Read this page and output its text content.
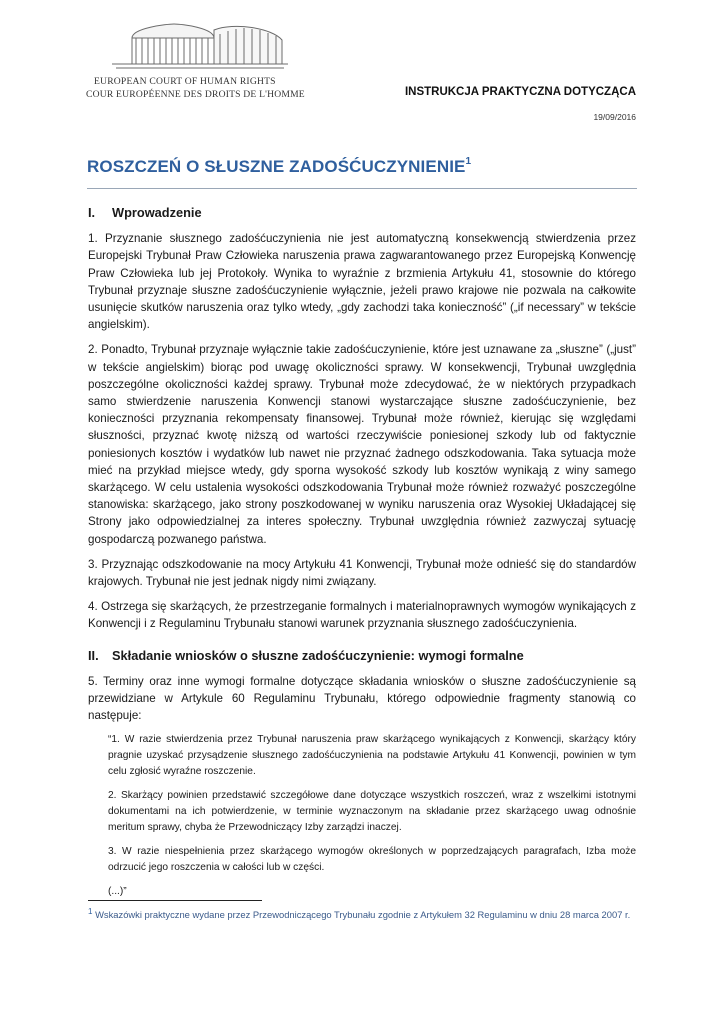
EUROPEAN COURT OF HUMAN RIGHTS
COUR EUROPÉENNE DES DROITS DE L'HOMME	INSTRUKCJA PRAKTYCZNA DOTYCZĄCA
19/09/2016
ROSZCZEŃ O SŁUSZNE ZADOŚĆUCZYNIENIE$^1$
I. Wprowadzenie

1. Przyznanie słusznego zadośćuczynienia nie jest automatyczną konsekwencją stwierdzenia przez Europejski Trybunał Praw Człowieka naruszenia prawa zagwarantowanego przez Europejską Konwencję Praw Człowieka lub jej Protokoły. Wynika to wyraźnie z brzmienia Artykułu 41, stosownie do którego Trybunał przyznaje słuszne zadośćuczynienie wyłącznie, jeżeli prawo krajowe nie pozwala na całkowite usunięcie skutków naruszenia oraz tylko wtedy, „gdy zachodzi taka konieczność” („if necessary” w tekście angielskim).

2. Ponadto, Trybunał przyznaje wyłącznie takie zadośćuczynienie, które jest uznawane za „słuszne” („just” w tekście angielskim) biorąc pod uwagę okoliczności sprawy. W konsekwencji, Trybunał uwzględnia poszczególne okoliczności każdej sprawy. Trybunał może zdecydować, że w niektórych przypadkach samo stwierdzenie naruszenia Konwencji stanowi wystarczające słuszne zadośćuczynienie, bez konieczności przyznania rekompensaty finansowej. Trybunał może również, kierując się względami słuszności, przyznać kwotę niższą od wartości rzeczywiście poniesionej szkody lub od faktycznie poniesionych kosztów i wydatków lub nawet nie przyznać żadnego odszkodowania. Taka sytuacja może mieć na przykład miejsce wtedy, gdy sporna wysokość szkody lub kosztów wynikają z winy samego skarżącego. W celu ustalenia wysokości odszkodowania Trybunał może również rozważyć poszczególne stanowiska: skarżącego, jako strony poszkodowanej w wyniku naruszenia oraz Wysokiej Układającej się Strony jako odpowiedzialnej za interes społeczny. Trybunał uwzględnia również zazwyczaj sytuację gospodarczą pozwanego państwa.

3. Przyznając odszkodowanie na mocy Artykułu 41 Konwencji, Trybunał może odnieść się do standardów krajowych. Trybunał nie jest jednak nigdy nimi związany.

4. Ostrzega się skarżących, że przestrzeganie formalnych i materialnoprawnych wymogów wynikających z Konwencji i z Regulaminu Trybunału stanowi warunek przyznania słusznego zadośćuczynienia.

II. Składanie wniosków o słuszne zadośćuczynienie: wymogi formalne

5. Terminy oraz inne wymogi formalne dotyczące składania wniosków o słuszne zadośćuczynienie są przewidziane w Artykule 60 Regulaminu Trybunału, którego odpowiednie fragmenty stanowią co następuje:

“1. W razie stwierdzenia przez Trybunał naruszenia praw skarżącego wynikających z Konwencji, skarżący który pragnie uzyskać przysądzenie słusznego zadośćuczynienia na podstawie Artykułu 41 Konwencji, powinien w tym celu zgłosić wyraźne roszczenie.

2. Skarżący powinien przedstawić szczegółowe dane dotyczące wszystkich roszczeń, wraz z wszelkimi istotnymi dokumentami na ich potwierdzenie, w terminie wyznaczonym na składanie przez skarżącego uwag odnośnie meritum sprawy, chyba że Przewodniczący Izby zarządzi inaczej.

3. W razie niespełnienia przez skarżącego wymogów określonych w poprzedzających paragrafach, Izba może odrzucić jego roszczenia w całości lub w części.

(...)”

$^1$ Wskazówki praktyczne wydane przez Przewodniczącego Trybunału zgodnie z Artykułem 32 Regulaminu w dniu 28 marca 2007 r.
